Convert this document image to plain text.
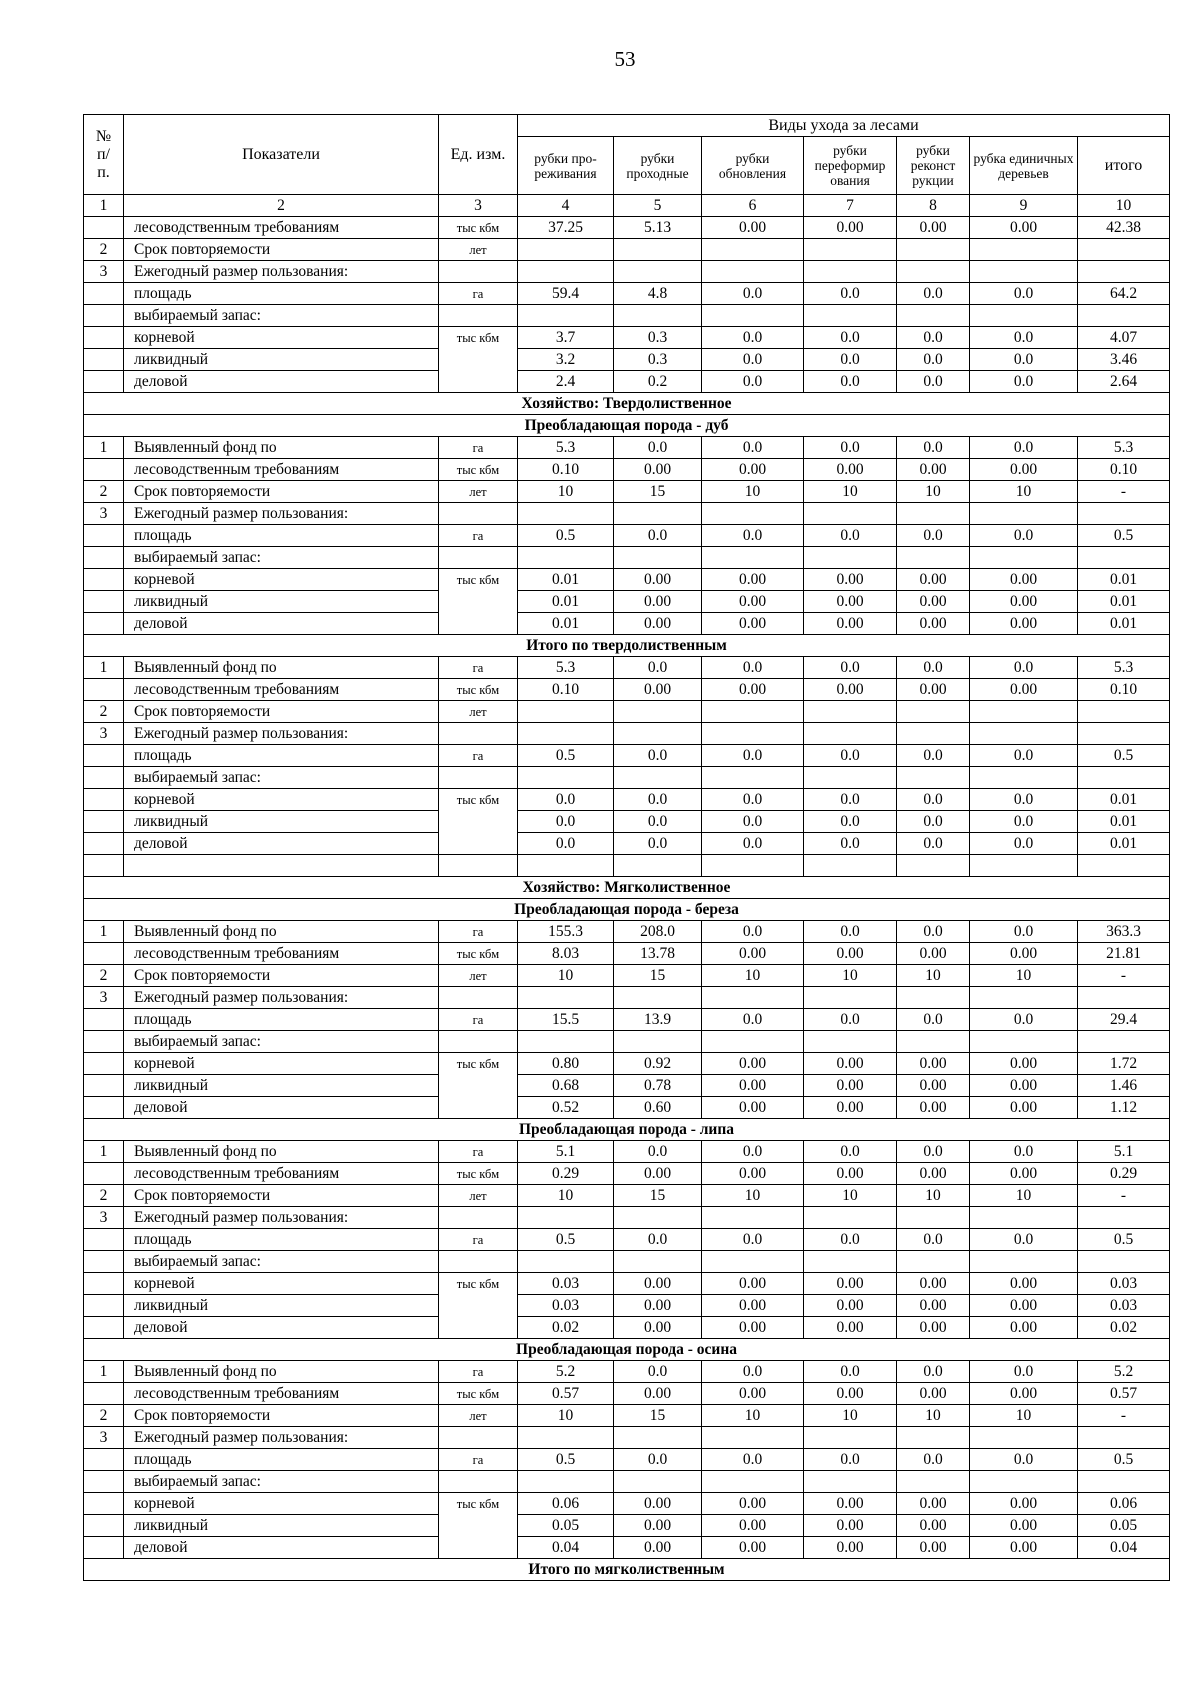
53
№ п/ п.	Показатели	Ед. изм.	Виды ухода за лесами						
			рубки про-реживания	рубки проходные	рубки обновления	рубки переформир ования	рубки реконст рукции	рубка единичных деревьев	итого
1	2	3	4	5	6	7	8	9	10
	лесоводственным требованиям	тыс кбм	37.25	5.13	0.00	0.00	0.00	0.00	42.38
2	Срок повторяемости	лет							
3	Ежегодный размер пользования:								
	площадь	га	59.4	4.8	0.0	0.0	0.0	0.0	64.2
	выбираемый запас:								
	корневой	тыс кбм	3.7	0.3	0.0	0.0	0.0	0.0	4.07
	ликвидный		3.2	0.3	0.0	0.0	0.0	0.0	3.46
	деловой		2.4	0.2	0.0	0.0	0.0	0.0	2.64
Хозяйство: Твердолиственное									
Преобладающая порода - дуб									
1	Выявленный фонд по	га	5.3	0.0	0.0	0.0	0.0	0.0	5.3
	лесоводственным требованиям	тыс кбм	0.10	0.00	0.00	0.00	0.00	0.00	0.10
2	Срок повторяемости	лет	10	15	10	10	10	10	-
3	Ежегодный размер пользования:								
	площадь	га	0.5	0.0	0.0	0.0	0.0	0.0	0.5
	выбираемый запас:								
	корневой	тыс кбм	0.01	0.00	0.00	0.00	0.00	0.00	0.01
	ликвидный		0.01	0.00	0.00	0.00	0.00	0.00	0.01
	деловой		0.01	0.00	0.00	0.00	0.00	0.00	0.01
Итого по твердолиственным									
1	Выявленный фонд по	га	5.3	0.0	0.0	0.0	0.0	0.0	5.3
	лесоводственным требованиям	тыс кбм	0.10	0.00	0.00	0.00	0.00	0.00	0.10
2	Срок повторяемости	лет							
3	Ежегодный размер пользования:								
	площадь	га	0.5	0.0	0.0	0.0	0.0	0.0	0.5
	выбираемый запас:								
	корневой	тыс кбм	0.0	0.0	0.0	0.0	0.0	0.0	0.01
	ликвидный		0.0	0.0	0.0	0.0	0.0	0.0	0.01
	деловой		0.0	0.0	0.0	0.0	0.0	0.0	0.01

Хозяйство: Мягколиственное									
Преобладающая порода - береза									
1	Выявленный фонд по	га	155.3	208.0	0.0	0.0	0.0	0.0	363.3
	лесоводственным требованиям	тыс кбм	8.03	13.78	0.00	0.00	0.00	0.00	21.81
2	Срок повторяемости	лет	10	15	10	10	10	10	-
3	Ежегодный размер пользования:								
	площадь	га	15.5	13.9	0.0	0.0	0.0	0.0	29.4
	выбираемый запас:								
	корневой	тыс кбм	0.80	0.92	0.00	0.00	0.00	0.00	1.72
	ликвидный		0.68	0.78	0.00	0.00	0.00	0.00	1.46
	деловой		0.52	0.60	0.00	0.00	0.00	0.00	1.12
Преобладающая порода - липа									
1	Выявленный фонд по	га	5.1	0.0	0.0	0.0	0.0	0.0	5.1
	лесоводственным требованиям	тыс кбм	0.29	0.00	0.00	0.00	0.00	0.00	0.29
2	Срок повторяемости	лет	10	15	10	10	10	10	-
3	Ежегодный размер пользования:								
	площадь	га	0.5	0.0	0.0	0.0	0.0	0.0	0.5
	выбираемый запас:								
	корневой	тыс кбм	0.03	0.00	0.00	0.00	0.00	0.00	0.03
	ликвидный		0.03	0.00	0.00	0.00	0.00	0.00	0.03
	деловой		0.02	0.00	0.00	0.00	0.00	0.00	0.02
Преобладающая порода - осина									
1	Выявленный фонд по	га	5.2	0.0	0.0	0.0	0.0	0.0	5.2
	лесоводственным требованиям	тыс кбм	0.57	0.00	0.00	0.00	0.00	0.00	0.57
2	Срок повторяемости	лет	10	15	10	10	10	10	-
3	Ежегодный размер пользования:								
	площадь	га	0.5	0.0	0.0	0.0	0.0	0.0	0.5
	выбираемый запас:								
	корневой	тыс кбм	0.06	0.00	0.00	0.00	0.00	0.00	0.06
	ликвидный		0.05	0.00	0.00	0.00	0.00	0.00	0.05
	деловой		0.04	0.00	0.00	0.00	0.00	0.00	0.04
Итого по мягколиственным									
